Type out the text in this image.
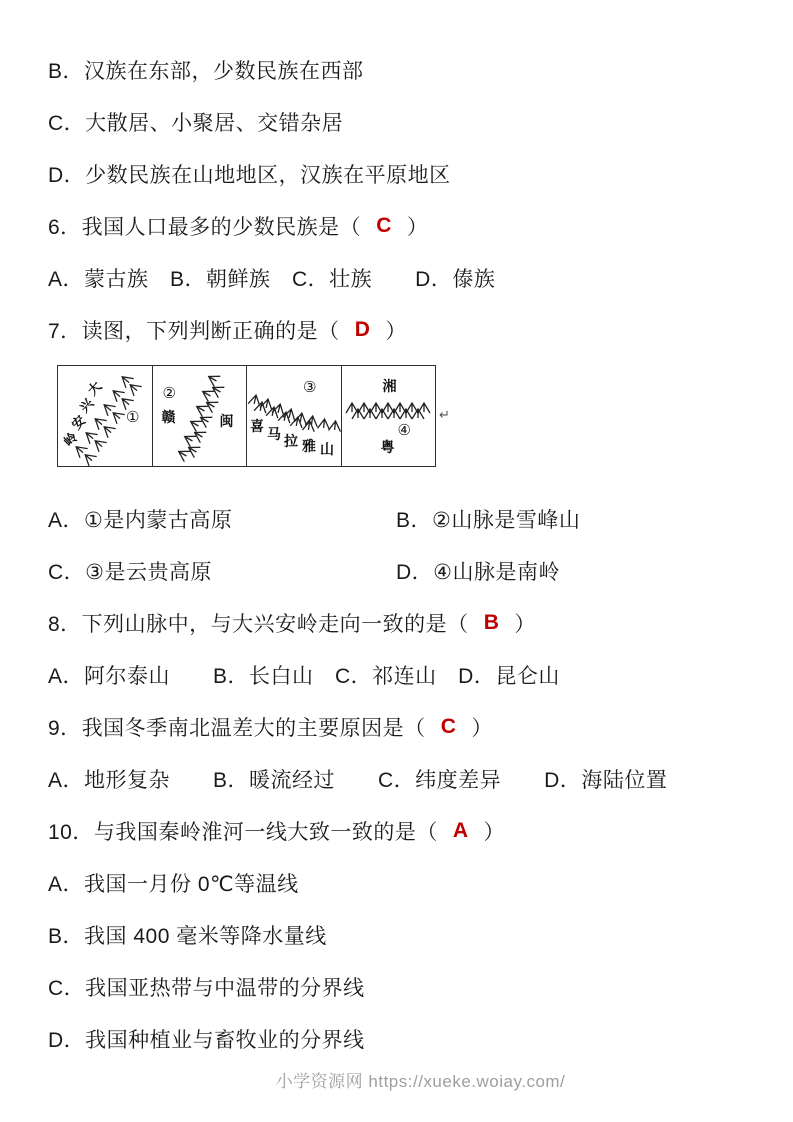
B．汉族在东部，少数民族在西部
C．大散居、小聚居、交错杂居
D．少数民族在山地地区，汉族在平原地区
6．我国人口最多的少数民族是（ C ）
A．蒙古族　B．朝鲜族　C．壮族　　D．傣族
7．读图，下列判断正确的是（ D ）
大
兴
安
岭
①
②
赣	闽
③
喜 马 拉 雅 山
湘
④
粤
↵
A．①是内蒙古高原	B．②山脉是雪峰山
C．③是云贵高原	D．④山脉是南岭
8．下列山脉中，与大兴安岭走向一致的是（ B ）
A．阿尔泰山　　B．长白山　C．祁连山　D．昆仑山
9．我国冬季南北温差大的主要原因是（ C ）
A．地形复杂　　B．暖流经过　　C．纬度差异　　D．海陆位置
10．与我国秦岭淮河一线大致一致的是（ A ）
A．我国一月份 0℃等温线
B．我国 400 毫米等降水量线
C．我国亚热带与中温带的分界线
D．我国种植业与畜牧业的分界线
小学资源网 https://xueke.woiay.com/
